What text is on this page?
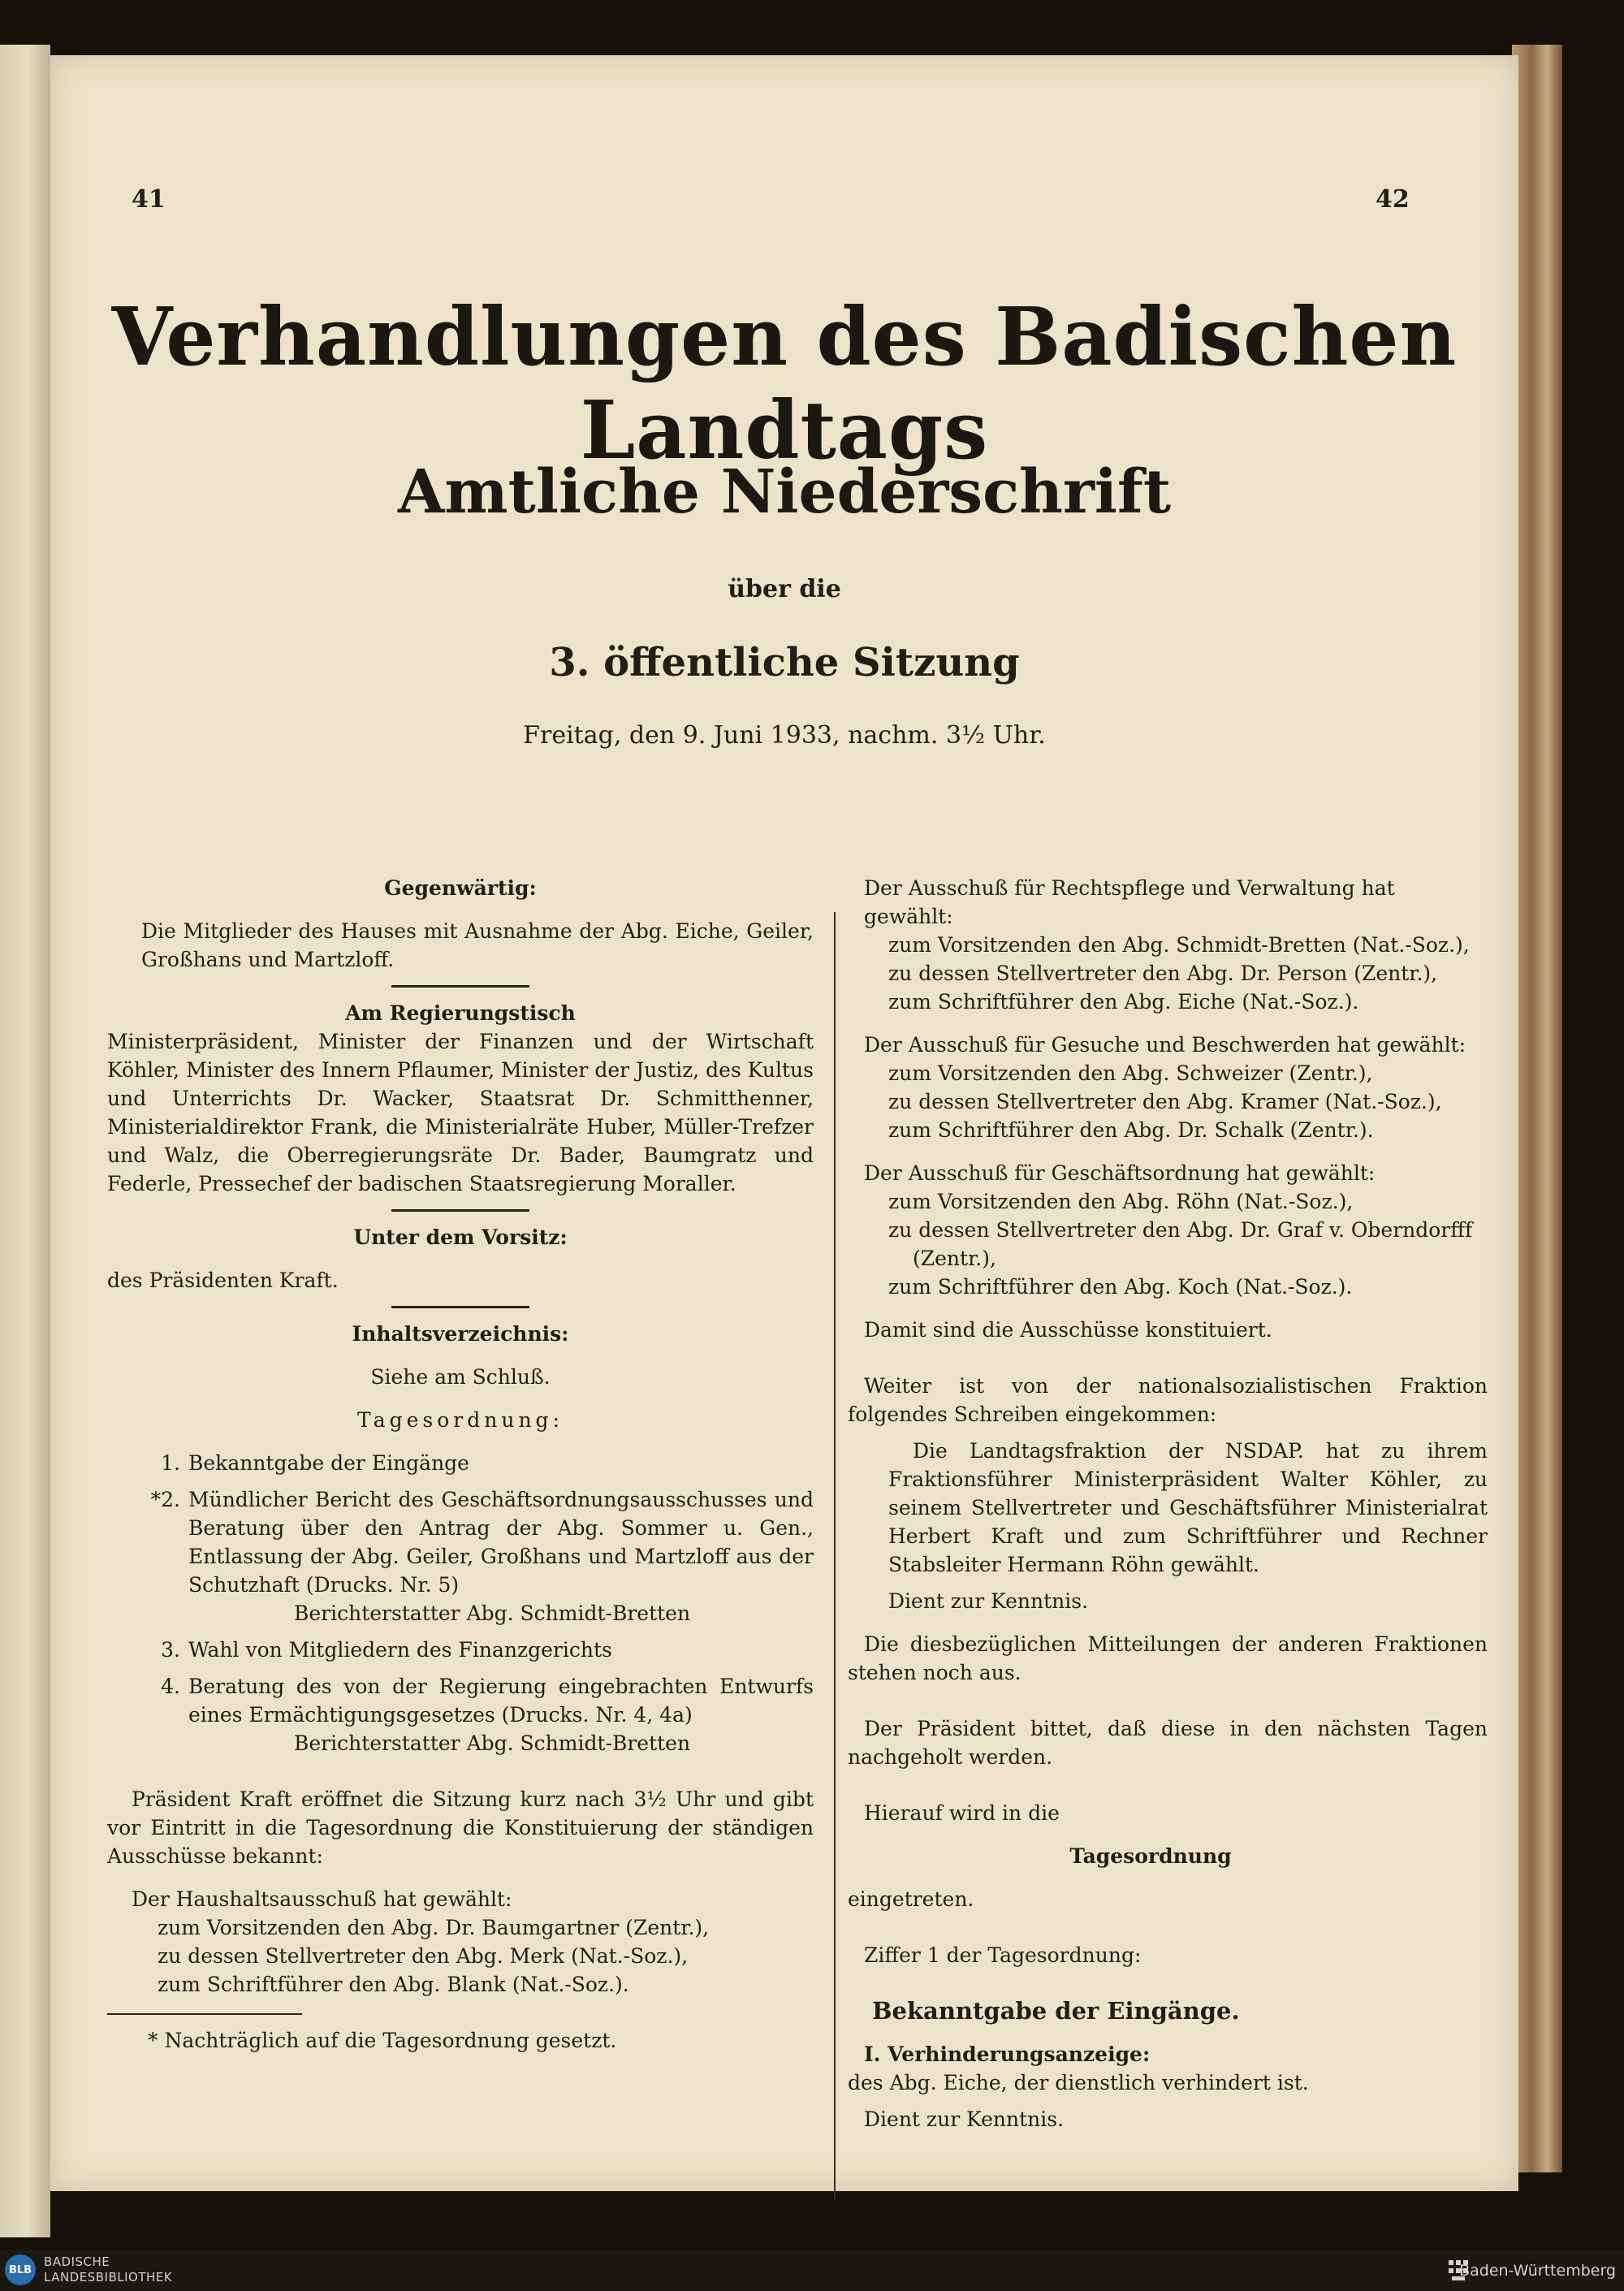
41	42
Verhandlungen des Badischen Landtags
Amtliche Niederschrift
über die
3. öffentliche Sitzung
Freitag, den 9. Juni 1933, nachm. 3½ Uhr.

Gegenwärtig:

Die Mitglieder des Hauses mit Ausnahme der Abg. Eiche, Geiler, Großhans und Martzloff.

Am Regierungstisch

Ministerpräsident, Minister der Finanzen und der Wirtschaft Köhler, Minister des Innern Pflaumer, Minister der Justiz, des Kultus und Unterrichts Dr. Wacker, Staatsrat Dr. Schmitthenner, Ministerialdirektor Frank, die Ministerialräte Huber, Müller-Trefzer und Walz, die Oberregierungsräte Dr. Bader, Baumgratz und Federle, Pressechef der badischen Staatsregierung Moraller.

Unter dem Vorsitz:

des Präsidenten Kraft.

Inhaltsverzeichnis:

Siehe am Schluß.

Tagesordnung:

1. Bekanntgabe der Eingänge
*2. Mündlicher Bericht des Geschäftsordnungsausschusses und Beratung über den Antrag der Abg. Sommer u. Gen., Entlassung der Abg. Geiler, Großhans und Martzloff aus der Schutzhaft (Drucks. Nr. 5)

Berichterstatter Abg. Schmidt-Bretten

3. Wahl von Mitgliedern des Finanzgerichts
4. Beratung des von der Regierung eingebrachten Entwurfs eines Ermächtigungsgesetzes (Drucks. Nr. 4, 4a)

Berichterstatter Abg. Schmidt-Bretten

Präsident Kraft eröffnet die Sitzung kurz nach 3½ Uhr und gibt vor Eintritt in die Tagesordnung die Konstituierung der ständigen Ausschüsse bekannt:

Der Haushaltsausschuß hat gewählt:

zum Vorsitzenden den Abg. Dr. Baumgartner (Zentr.),

zu dessen Stellvertreter den Abg. Merk (Nat.-Soz.),

zum Schriftführer den Abg. Blank (Nat.-Soz.).

* Nachträglich auf die Tagesordnung gesetzt.

Der Ausschuß für Rechtspflege und Verwaltung hat gewählt:

zum Vorsitzenden den Abg. Schmidt-Bretten (Nat.-Soz.),

zu dessen Stellvertreter den Abg. Dr. Person (Zentr.),

zum Schriftführer den Abg. Eiche (Nat.-Soz.).

Der Ausschuß für Gesuche und Beschwerden hat gewählt:

zum Vorsitzenden den Abg. Schweizer (Zentr.),

zu dessen Stellvertreter den Abg. Kramer (Nat.-Soz.),

zum Schriftführer den Abg. Dr. Schalk (Zentr.).

Der Ausschuß für Geschäftsordnung hat gewählt:

zum Vorsitzenden den Abg. Röhn (Nat.-Soz.),

zu dessen Stellvertreter den Abg. Dr. Graf v. Oberndorfff (Zentr.),

zum Schriftführer den Abg. Koch (Nat.-Soz.).

Damit sind die Ausschüsse konstituiert.

Weiter ist von der nationalsozialistischen Fraktion folgendes Schreiben eingekommen:

Die Landtagsfraktion der NSDAP. hat zu ihrem Fraktionsführer Ministerpräsident Walter Köhler, zu seinem Stellvertreter und Geschäftsführer Ministerialrat Herbert Kraft und zum Schriftführer und Rechner Stabsleiter Hermann Röhn gewählt.

Dient zur Kenntnis.

Die diesbezüglichen Mitteilungen der anderen Fraktionen stehen noch aus.

Der Präsident bittet, daß diese in den nächsten Tagen nachgeholt werden.

Hierauf wird in die

Tagesordnung

eingetreten.

Ziffer 1 der Tagesordnung:

Bekanntgabe der Eingänge.

I. Verhinderungsanzeige:

des Abg. Eiche, der dienstlich verhindert ist.

Dient zur Kenntnis.

BLB
BADISCHE
LANDESBIBLIOTHEK	Baden-Württemberg
